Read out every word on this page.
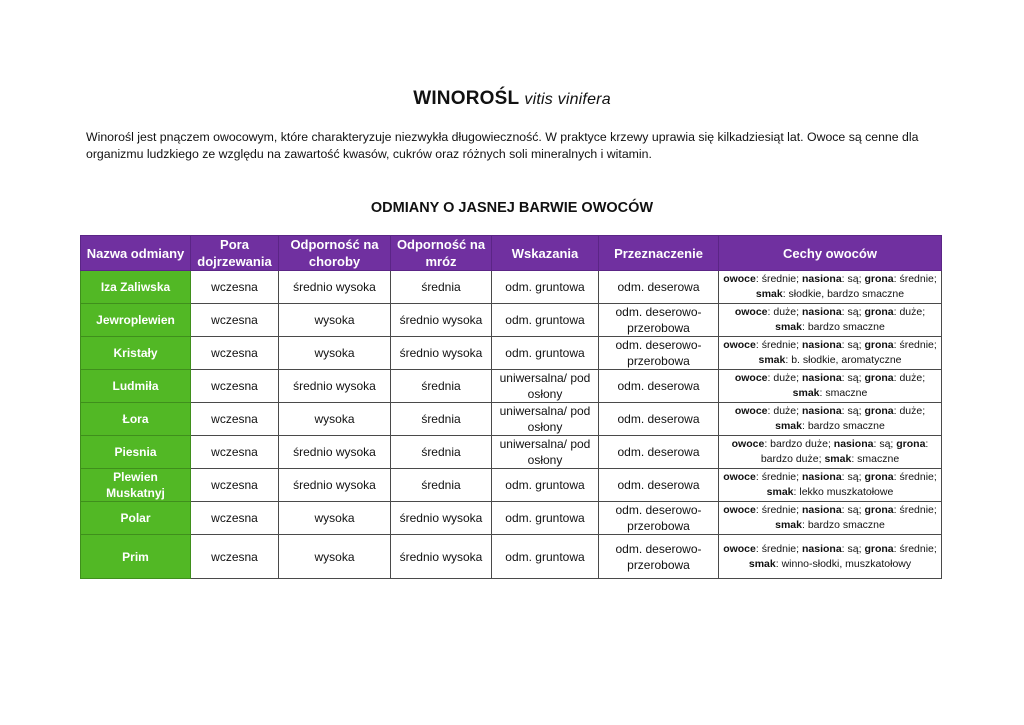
WINOROŚL vitis vinifera
Winorośl jest pnączem owocowym, które charakteryzuje niezwykła długowieczność. W praktyce krzewy uprawia się kilkadziesiąt lat. Owoce są cenne dla organizmu ludzkiego ze względu na zawartość kwasów, cukrów oraz różnych soli mineralnych i witamin.
ODMIANY O JASNEJ BARWIE OWOCÓW
Nazwa odmiany	Pora dojrzewania	Odporność na choroby	Odporność na mróz	Wskazania	Przeznaczenie	Cechy owoców
Iza Zaliwska	wczesna	średnio wysoka	średnia	odm. gruntowa	odm. deserowa	owoce: średnie; nasiona: są; grona: średnie; smak: słodkie, bardzo smaczne
Jewroplewien	wczesna	wysoka	średnio wysoka	odm. gruntowa	odm. deserowo-przerobowa	owoce: duże; nasiona: są; grona: duże; smak: bardzo smaczne
Kristały	wczesna	wysoka	średnio wysoka	odm. gruntowa	odm. deserowo-przerobowa	owoce: średnie; nasiona: są; grona: średnie; smak: b. słodkie, aromatyczne
Ludmiła	wczesna	średnio wysoka	średnia	uniwersalna/ pod osłony	odm. deserowa	owoce: duże; nasiona: są; grona: duże; smak: smaczne
Łora	wczesna	wysoka	średnia	uniwersalna/ pod osłony	odm. deserowa	owoce: duże; nasiona: są; grona: duże; smak: bardzo smaczne
Piesnia	wczesna	średnio wysoka	średnia	uniwersalna/ pod osłony	odm. deserowa	owoce: bardzo duże; nasiona: są; grona: bardzo duże; smak: smaczne
Plewien Muskatnyj	wczesna	średnio wysoka	średnia	odm. gruntowa	odm. deserowa	owoce: średnie; nasiona: są; grona: średnie; smak: lekko muszkatołowe
Polar	wczesna	wysoka	średnio wysoka	odm. gruntowa	odm. deserowo-przerobowa	owoce: średnie; nasiona: są; grona: średnie; smak: bardzo smaczne
Prim	wczesna	wysoka	średnio wysoka	odm. gruntowa	odm. deserowo-przerobowa	owoce: średnie; nasiona: są; grona: średnie; smak: winno-słodki, muszkatołowy
